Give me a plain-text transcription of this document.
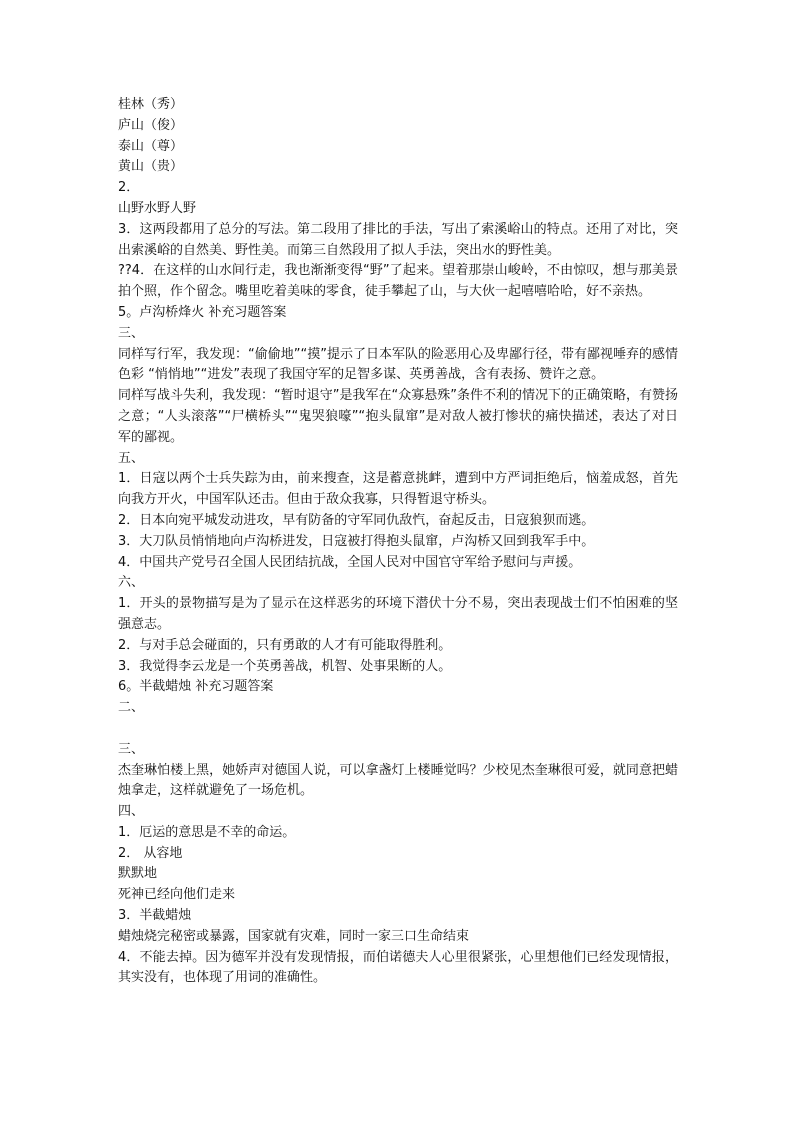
桂林（秀）
庐山（俊）
泰山（尊）
黄山（贵）
2．
山野水野人野
3．这两段都用了总分的写法。第二段用了排比的手法，写出了索溪峪山的特点。还用了对比，突出索溪峪的自然美、野性美。而第三自然段用了拟人手法，突出水的野性美。
??4．在这样的山水间行走，我也渐渐变得“野”了起来。望着那崇山峻岭，不由惊叹，想与那美景拍个照，作个留念。嘴里吃着美味的零食，徒手攀起了山，与大伙一起嘻嘻哈哈，好不亲热。
5。卢沟桥烽火 补充习题答案
三、
同样写行军，我发现：“偷偷地”“摸”提示了日本军队的险恶用心及卑鄙行径，带有鄙视唾弃的感情色彩 “悄悄地”“进发”表现了我国守军的足智多谋、英勇善战，含有表扬、赞许之意。
同样写战斗失利，我发现：“暂时退守”是我军在“众寡悬殊”条件不利的情况下的正确策略，有赞扬之意；“人头滚落”“尸横桥头”“鬼哭狼嚎”“抱头鼠窜”是对敌人被打惨状的痛快描述，表达了对日军的鄙视。
五、
1．日寇以两个士兵失踪为由，前来搜查，这是蓄意挑衅，遭到中方严词拒绝后，恼羞成怒，首先向我方开火，中国军队还击。但由于敌众我寡，只得暂退守桥头。
2．日本向宛平城发动进攻，早有防备的守军同仇敌忾，奋起反击，日寇狼狈而逃。
3．大刀队员悄悄地向卢沟桥进发，日寇被打得抱头鼠窜，卢沟桥又回到我军手中。
4．中国共产党号召全国人民团结抗战，全国人民对中国官守军给予慰问与声援。
六、
1．开头的景物描写是为了显示在这样恶劣的环境下潜伏十分不易，突出表现战士们不怕困难的坚强意志。
2．与对手总会碰面的，只有勇敢的人才有可能取得胜利。
3．我觉得李云龙是一个英勇善战，机智、处事果断的人。
6。半截蜡烛 补充习题答案
二、
三、
杰奎琳怕楼上黑，她娇声对德国人说，可以拿盏灯上楼睡觉吗？少校见杰奎琳很可爱，就同意把蜡烛拿走，这样就避免了一场危机。
四、
1．厄运的意思是不幸的命运。
2． 从容地
默默地
死神已经向他们走来
3．半截蜡烛
蜡烛烧完秘密或暴露，国家就有灾难，同时一家三口生命结束
4．不能去掉。因为德军并没有发现情报，而伯诺德夫人心里很紧张，心里想他们已经发现情报，其实没有，也体现了用词的准确性。
